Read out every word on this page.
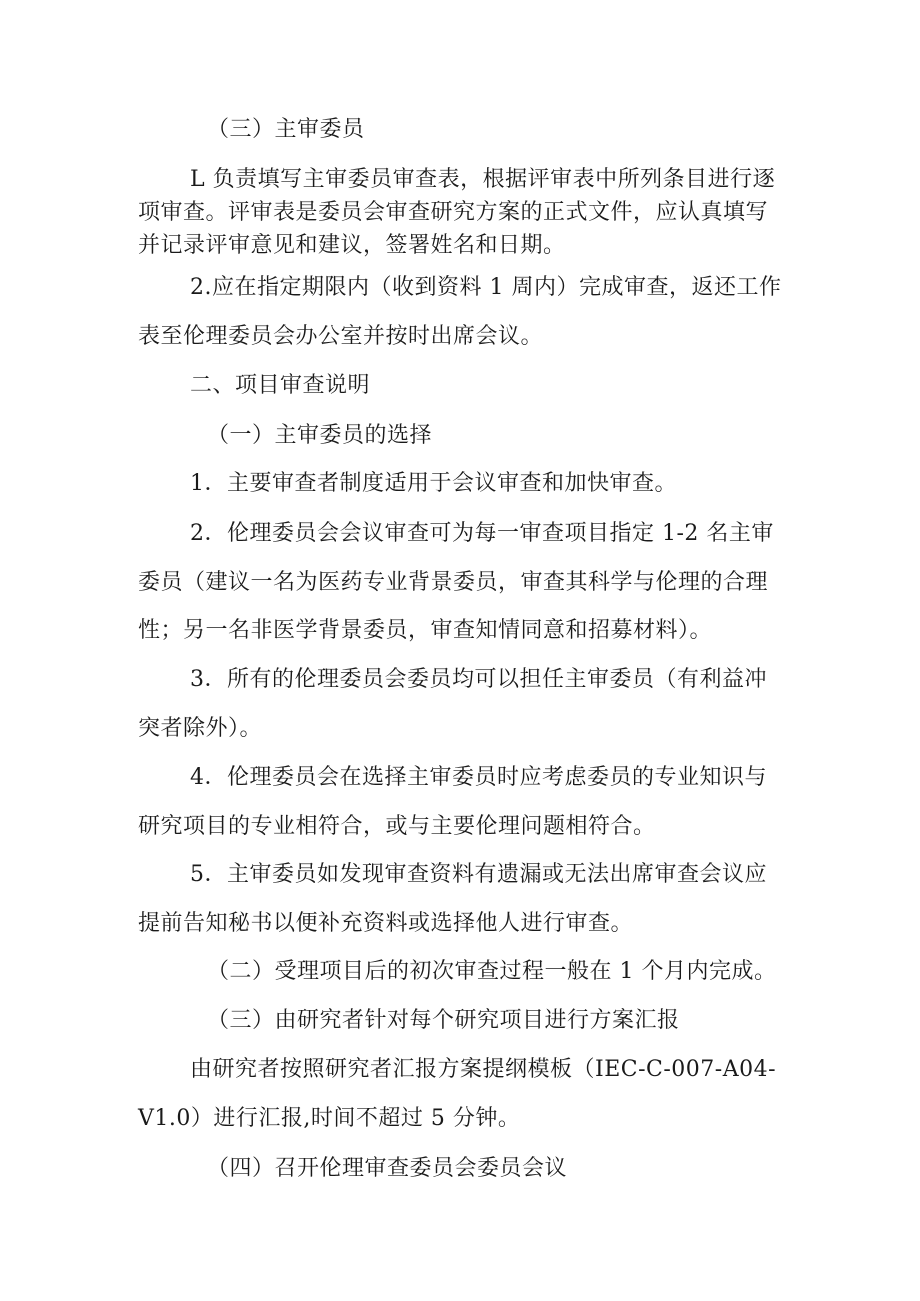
（三）主审委员
L 负责填写主审委员审查表，根据评审表中所列条目进行逐
项审查。评审表是委员会审查研究方案的正式文件，应认真填写
并记录评审意见和建议，签署姓名和日期。
2.应在指定期限内（收到资料 1 周内）完成审查，返还工作
表至伦理委员会办公室并按时出席会议。
二、项目审查说明
（一）主审委员的选择
1．主要审查者制度适用于会议审查和加快审查。
2．伦理委员会会议审查可为每一审查项目指定 1-2 名主审
委员（建议一名为医药专业背景委员，审查其科学与伦理的合理
性；另一名非医学背景委员，审查知情同意和招募材料）。
3．所有的伦理委员会委员均可以担任主审委员（有利益冲
突者除外）。
4．伦理委员会在选择主审委员时应考虑委员的专业知识与
研究项目的专业相符合，或与主要伦理问题相符合。
5．主审委员如发现审查资料有遗漏或无法出席审查会议应
提前告知秘书以便补充资料或选择他人进行审查。
（二）受理项目后的初次审查过程一般在 1 个月内完成。
（三）由研究者针对每个研究项目进行方案汇报
由研究者按照研究者汇报方案提纲模板（IEC-C-007-A04-
V1.0）进行汇报,时间不超过 5 分钟。
（四）召开伦理审查委员会委员会议
